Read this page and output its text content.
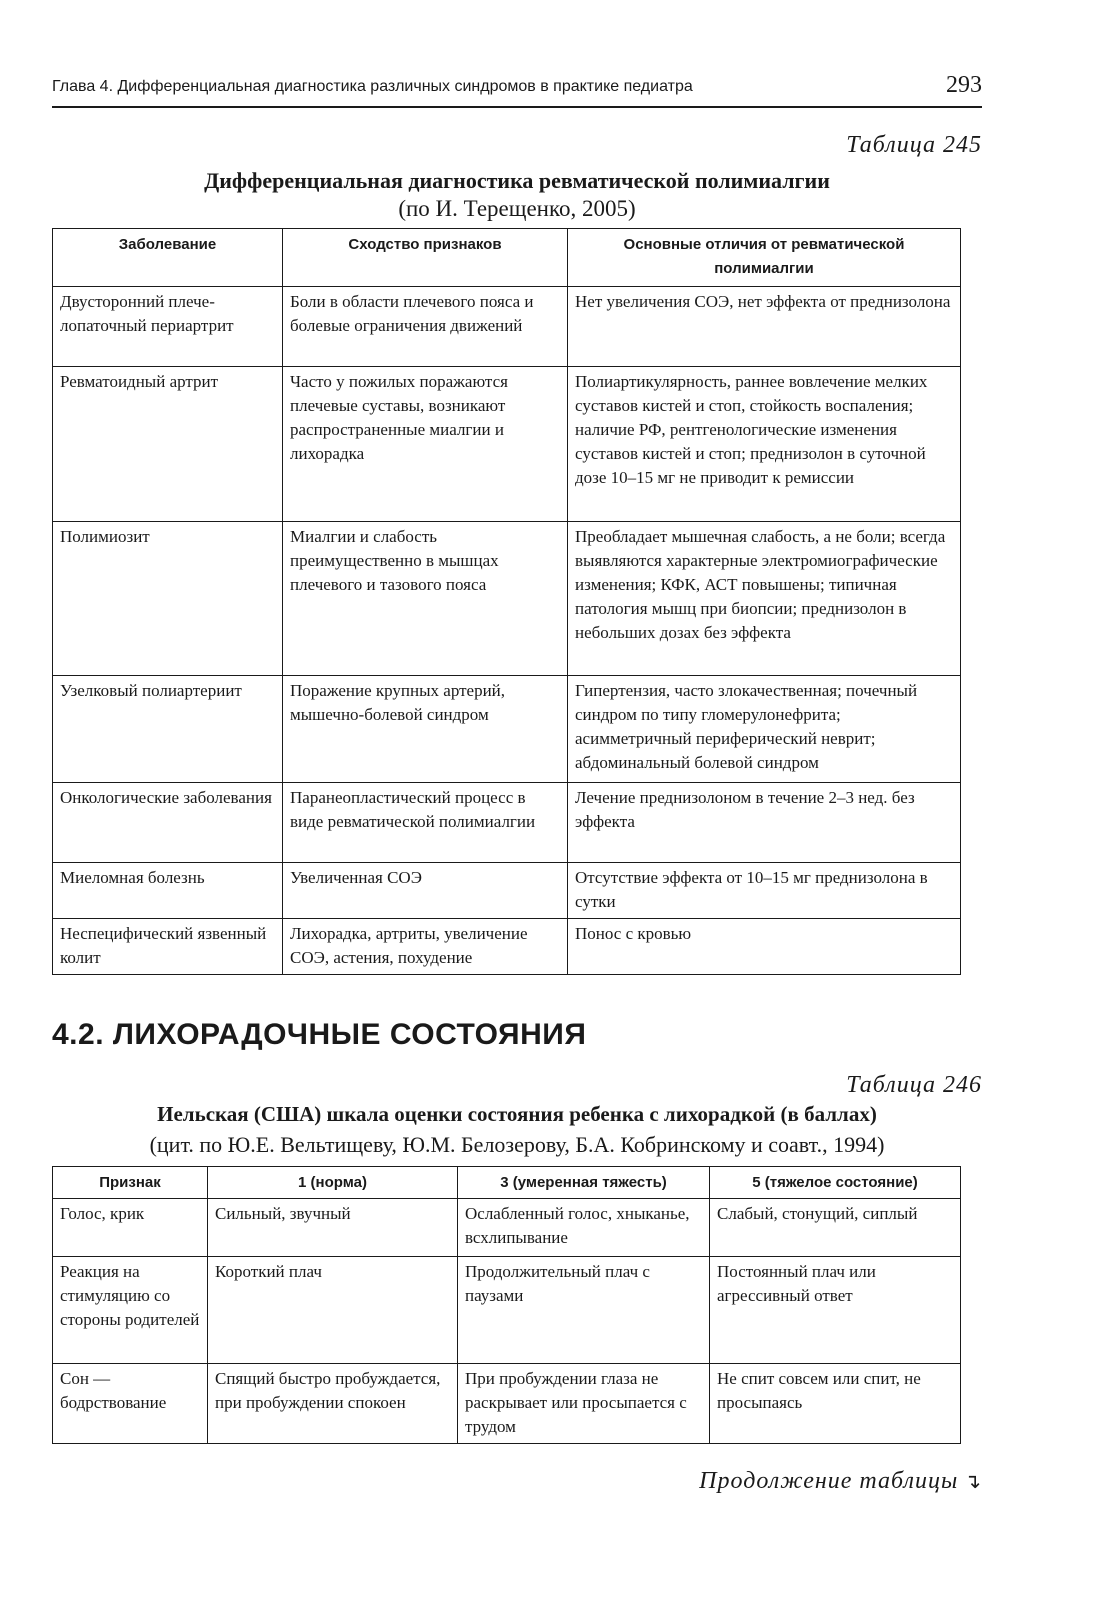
Глава 4. Дифференциальная диагностика различных синдромов в практике педиатра	293
Таблица 245
Дифференциальная диагностика ревматической полимиалгии
(по И. Терещенко, 2005)
Заболевание	Сходство признаков	Основные отличия от ревматической полимиалгии
Двусторонний плече-лопаточный периартрит	Боли в области плечевого пояса и болевые ограничения движений	Нет увеличения СОЭ, нет эффекта от преднизолона
Ревматоидный артрит	Часто у пожилых поражаются плечевые суставы, возникают распространенные миалгии и лихорадка	Полиартикулярность, раннее вовлечение мелких суставов кистей и стоп, стойкость воспаления; наличие РФ, рентгенологические изменения суставов кистей и стоп; преднизолон в суточной дозе 10–15 мг не приводит к ремиссии
Полимиозит	Миалгии и слабость преимущественно в мышцах плечевого и тазового пояса	Преобладает мышечная слабость, а не боли; всегда выявляются характерные электромиографические изменения; КФК, АСТ повышены; типичная патология мышц при биопсии; преднизолон в небольших дозах без эффекта
Узелковый полиартериит	Поражение крупных артерий, мышечно-болевой синдром	Гипертензия, часто злокачественная; почечный синдром по типу гломерулонефрита; асимметричный периферический неврит; абдоминальный болевой синдром
Онкологические заболевания	Паранеопластический процесс в виде ревматической полимиалгии	Лечение преднизолоном в течение 2–3 нед. без эффекта
Миеломная болезнь	Увеличенная СОЭ	Отсутствие эффекта от 10–15 мг преднизолона в сутки
Неспецифический язвенный колит	Лихорадка, артриты, увеличение СОЭ, астения, похудение	Понос с кровью
4.2. ЛИХОРАДОЧНЫЕ СОСТОЯНИЯ
Таблица 246
Иельская (США) шкала оценки состояния ребенка с лихорадкой (в баллах)
(цит. по Ю.Е. Вельтищеву, Ю.М. Белозерову, Б.А. Кобринскому и соавт., 1994)
Признак	1 (норма)	3 (умеренная тяжесть)	5 (тяжелое состояние)
Голос, крик	Сильный, звучный	Ослабленный голос, хныканье, всхлипывание	Слабый, стонущий, сиплый
Реакция на стимуляцию со стороны родителей	Короткий плач	Продолжительный плач с паузами	Постоянный плач или агрессивный ответ
Сон — бодрствование	Спящий быстро пробуждается, при пробуждении спокоен	При пробуждении глаза не раскрывает или просыпается с трудом	Не спит совсем или спит, не просыпаясь
Продолжение таблицы ↴
